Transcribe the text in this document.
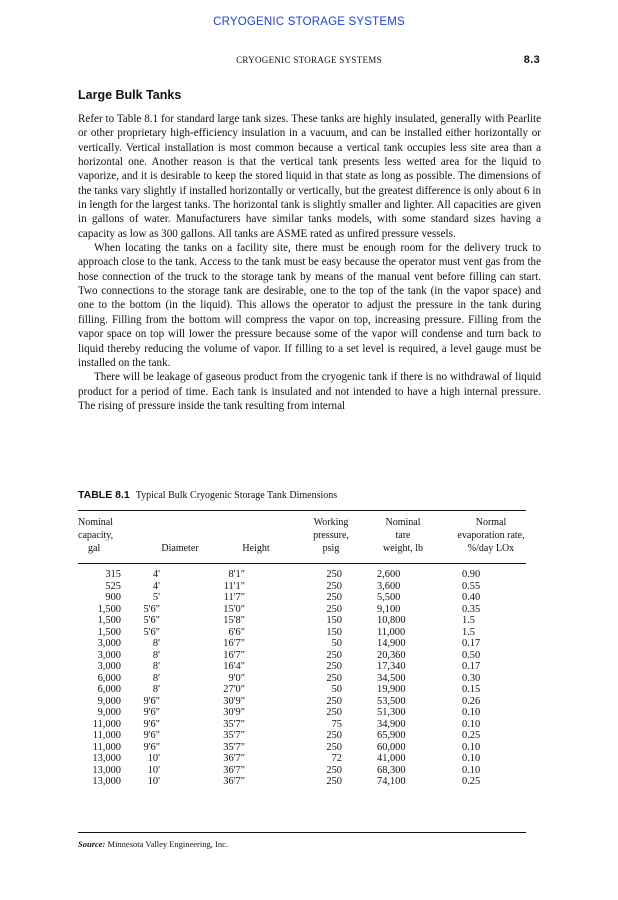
CRYOGENIC STORAGE SYSTEMS
CRYOGENIC STORAGE SYSTEMS	8.3
Large Bulk Tanks

Refer to Table 8.1 for standard large tank sizes. These tanks are highly insulated, generally with Pearlite or other proprietary high-efficiency insulation in a vacuum, and can be installed either horizontally or vertically. Vertical installation is most common because a vertical tank occupies less site area than a horizontal one. Another reason is that the vertical tank presents less wetted area for the liquid to vaporize, and it is desirable to keep the stored liquid in that state as long as possible. The dimensions of the tanks vary slightly if installed horizontally or vertically, but the greatest difference is only about 6 in in length for the largest tanks. The horizontal tank is slightly smaller and lighter. All capacities are given in gallons of water. Manufacturers have similar tanks models, with some standard sizes having a capacity as low as 300 gallons. All tanks are ASME rated as unfired pressure vessels.

When locating the tanks on a facility site, there must be enough room for the delivery truck to approach close to the tank. Access to the tank must be easy because the operator must vent gas from the hose connection of the truck to the storage tank by means of the manual vent before filling can start. Two connections to the storage tank are desirable, one to the top of the tank (in the vapor space) and one to the bottom (in the liquid). This allows the operator to adjust the pressure in the tank during filling. Filling from the bottom will compress the vapor on top, increasing pressure. Filling from the vapor space on top will lower the pressure because some of the vapor will condense and turn back to liquid thereby reducing the volume of vapor. If filling to a set level is required, a level gauge must be installed on the tank.

There will be leakage of gaseous product from the cryogenic tank if there is no withdrawal of liquid product for a period of time. Each tank is insulated and not intended to have a high internal pressure. The rising of pressure inside the tank resulting from internal

TABLE 8.1 Typical Bulk Cryogenic Storage Tank Dimensions
Nominal
capacity,
gal

	Diameter

	Height
Working
pressure,
psig
Nominal
tare
weight, lb
Normal
evaporation rate,
%/day LOx
315	4'	8'1"	250		2,600	0.90
525	4'	11'1"	250		3,600	0.55
900	5'	11'7"	250		5,500	0.40
1,500	5'6"	15'0"	250		9,100	0.35
1,500	5'6"	15'8"	150		10,800	1.5
1,500	5'6"	6'6"	150		11,000	1.5
3,000	8'	16'7"	50		14,900	0.17
3,000	8'	16'7"	250		20,360	0.50
3,000	8'	16'4"	250		17,340	0.17
6,000	8'	9'0"	250		34,500	0.30
6,000	8'	27'0"	50		19,900	0.15
9,000	9'6"	30'9"	250		53,500	0.26
9,000	9'6"	30'9"	250		51,300	0.10
11,000	9'6"	35'7"	75		34,900	0.10
11,000	9'6"	35'7"	250		65,900	0.25
11,000	9'6"	35'7"	250		60,000	0.10
13,000	10'	36'7"	72		41,000	0.10
13,000	10'	36'7"	250		68,300	0.10
13,000	10'	36'7"	250		74,100	0.25
Source: Minnesota Valley Engineering, Inc.
